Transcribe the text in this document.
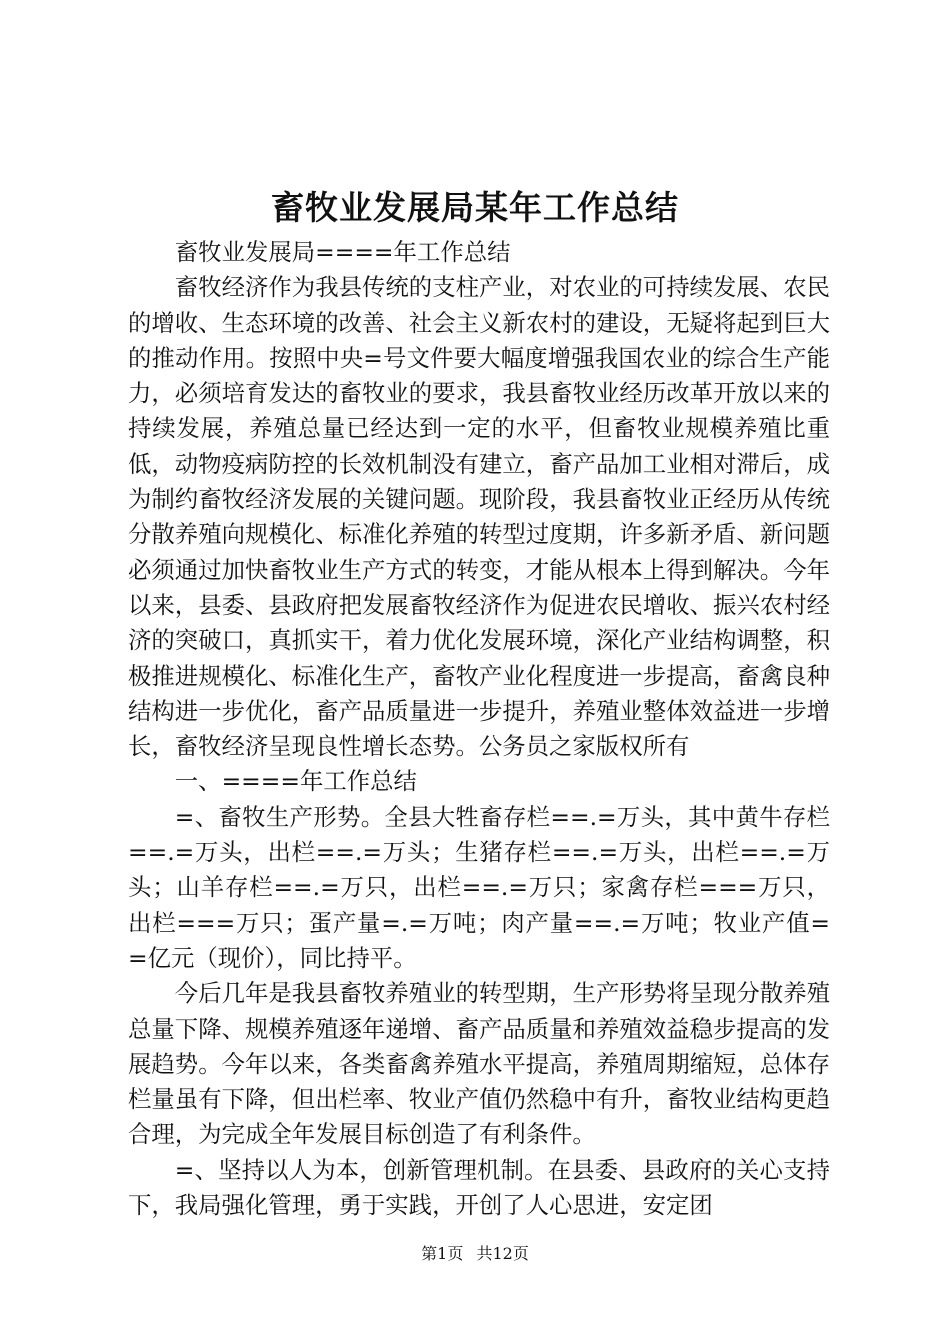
畜牧业发展局某年工作总结

畜牧业发展局====年工作总结

畜牧经济作为我县传统的支柱产业，对农业的可持续发展、农民的增收、生态环境的改善、社会主义新农村的建设，无疑将起到巨大的推动作用。按照中央=号文件要大幅度增强我国农业的综合生产能力，必须培育发达的畜牧业的要求，我县畜牧业经历改革开放以来的持续发展，养殖总量已经达到一定的水平，但畜牧业规模养殖比重低，动物疫病防控的长效机制没有建立，畜产品加工业相对滞后，成为制约畜牧经济发展的关键问题。现阶段，我县畜牧业正经历从传统分散养殖向规模化、标准化养殖的转型过度期，许多新矛盾、新问题必须通过加快畜牧业生产方式的转变，才能从根本上得到解决。今年以来，县委、县政府把发展畜牧经济作为促进农民增收、振兴农村经济的突破口，真抓实干，着力优化发展环境，深化产业结构调整，积极推进规模化、标准化生产，畜牧产业化程度进一步提高，畜禽良种结构进一步优化，畜产品质量进一步提升，养殖业整体效益进一步增长，畜牧经济呈现良性增长态势。公务员之家版权所有

一、====年工作总结

=、畜牧生产形势。全县大牲畜存栏==.=万头，其中黄牛存栏==.=万头，出栏==.=万头；生猪存栏==.=万头，出栏==.=万头；山羊存栏==.=万只，出栏==.=万只；家禽存栏===万只，出栏===万只；蛋产量=.=万吨；肉产量==.=万吨；牧业产值==亿元（现价），同比持平。

今后几年是我县畜牧养殖业的转型期，生产形势将呈现分散养殖总量下降、规模养殖逐年递增、畜产品质量和养殖效益稳步提高的发展趋势。今年以来，各类畜禽养殖水平提高，养殖周期缩短，总体存栏量虽有下降，但出栏率、牧业产值仍然稳中有升，畜牧业结构更趋合理，为完成全年发展目标创造了有利条件。

=、坚持以人为本，创新管理机制。在县委、县政府的关心支持下，我局强化管理，勇于实践，开创了人心思进，安定团

第1页 共12页
